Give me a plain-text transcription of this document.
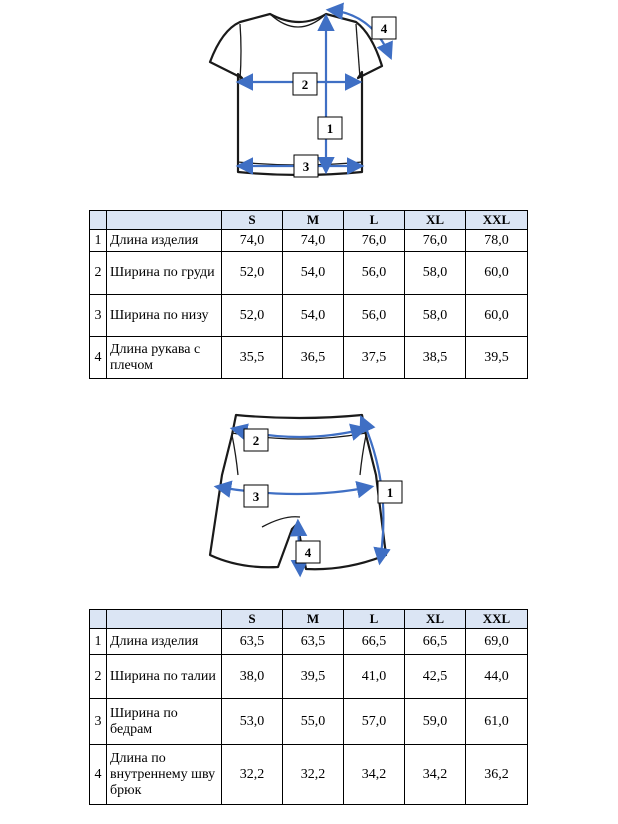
1
2
3
4
		S	M	L	XL	XXL
1	Длина изделия	74,0	74,0	76,0	76,0	78,0
2	Ширина по груди	52,0	54,0	56,0	58,0	60,0
3	Ширина по низу	52,0	54,0	56,0	58,0	60,0
4	Длина рукава с плечом	35,5	36,5	37,5	38,5	39,5
1
2
3
4
		S	M	L	XL	XXL
1	Длина изделия	63,5	63,5	66,5	66,5	69,0
2	Ширина по талии	38,0	39,5	41,0	42,5	44,0
3	Ширина по бедрам	53,0	55,0	57,0	59,0	61,0
4	Длина по внутреннему шву брюк	32,2	32,2	34,2	34,2	36,2
